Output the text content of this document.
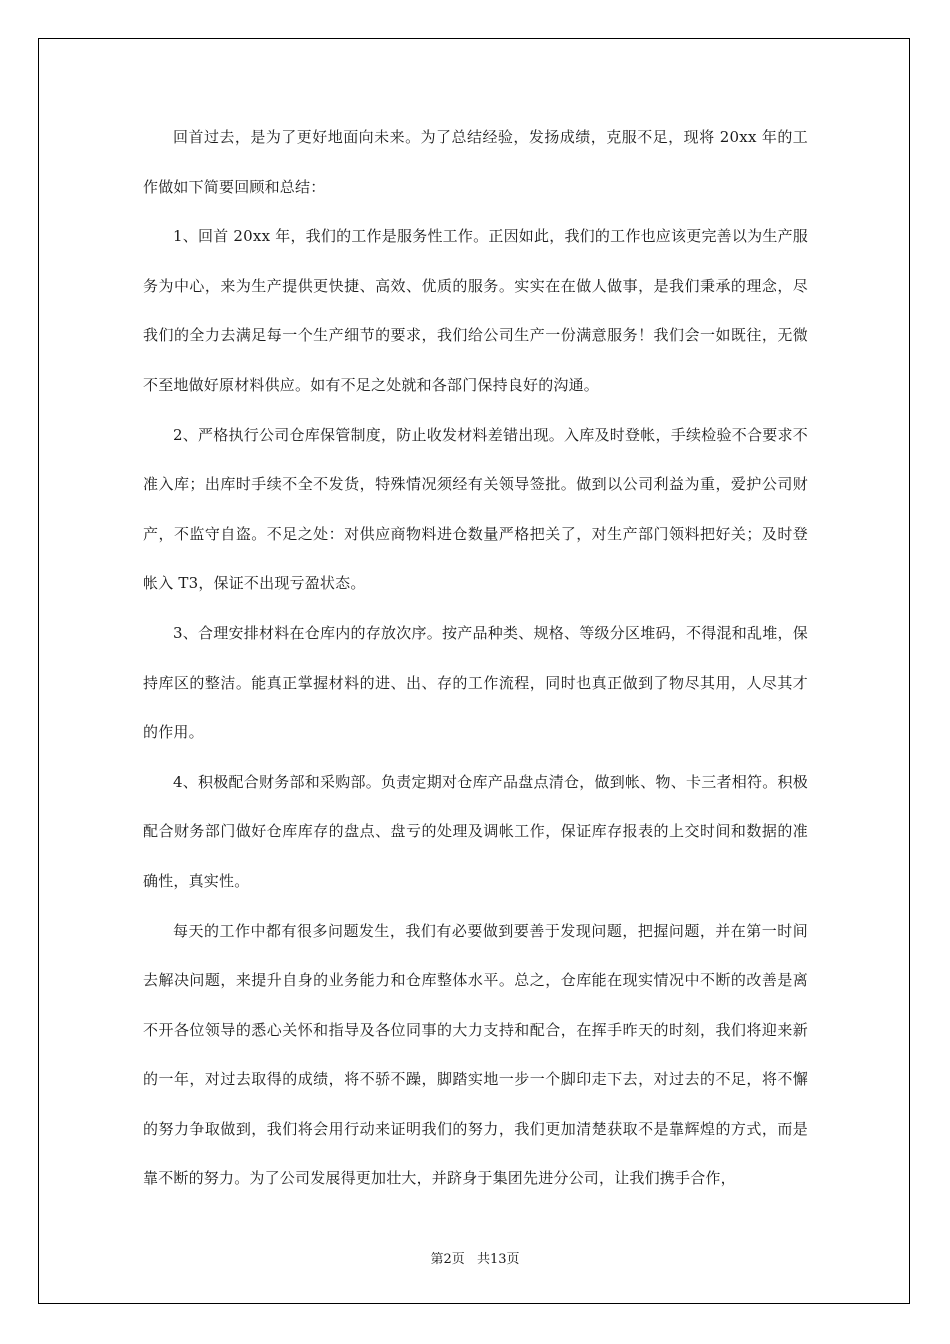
回首过去，是为了更好地面向未来。为了总结经验，发扬成绩，克服不足，现将 20xx 年的工作做如下简要回顾和总结：

1、回首 20xx 年，我们的工作是服务性工作。正因如此，我们的工作也应该更完善以为生产服务为中心，来为生产提供更快捷、高效、优质的服务。实实在在做人做事，是我们秉承的理念，尽我们的全力去满足每一个生产细节的要求，我们给公司生产一份满意服务！我们会一如既往，无微不至地做好原材料供应。如有不足之处就和各部门保持良好的沟通。

2、严格执行公司仓库保管制度，防止收发材料差错出现。入库及时登帐，手续检验不合要求不准入库；出库时手续不全不发货，特殊情况须经有关领导签批。做到以公司利益为重，爱护公司财产，不监守自盗。不足之处：对供应商物料进仓数量严格把关了，对生产部门领料把好关；及时登帐入 T3，保证不出现亏盈状态。

3、合理安排材料在仓库内的存放次序。按产品种类、规格、等级分区堆码，不得混和乱堆，保持库区的整洁。能真正掌握材料的进、出、存的工作流程，同时也真正做到了物尽其用，人尽其才的作用。

4、积极配合财务部和采购部。负责定期对仓库产品盘点清仓，做到帐、物、卡三者相符。积极配合财务部门做好仓库库存的盘点、盘亏的处理及调帐工作，保证库存报表的上交时间和数据的准确性，真实性。

每天的工作中都有很多问题发生，我们有必要做到要善于发现问题，把握问题，并在第一时间去解决问题，来提升自身的业务能力和仓库整体水平。总之，仓库能在现实情况中不断的改善是离不开各位领导的悉心关怀和指导及各位同事的大力支持和配合，在挥手昨天的时刻，我们将迎来新的一年，对过去取得的成绩，将不骄不躁，脚踏实地一步一个脚印走下去，对过去的不足，将不懈的努力争取做到，我们将会用行动来证明我们的努力，我们更加清楚获取不是靠辉煌的方式，而是靠不断的努力。为了公司发展得更加壮大，并跻身于集团先进分公司，让我们携手合作，

第2页 共13页
